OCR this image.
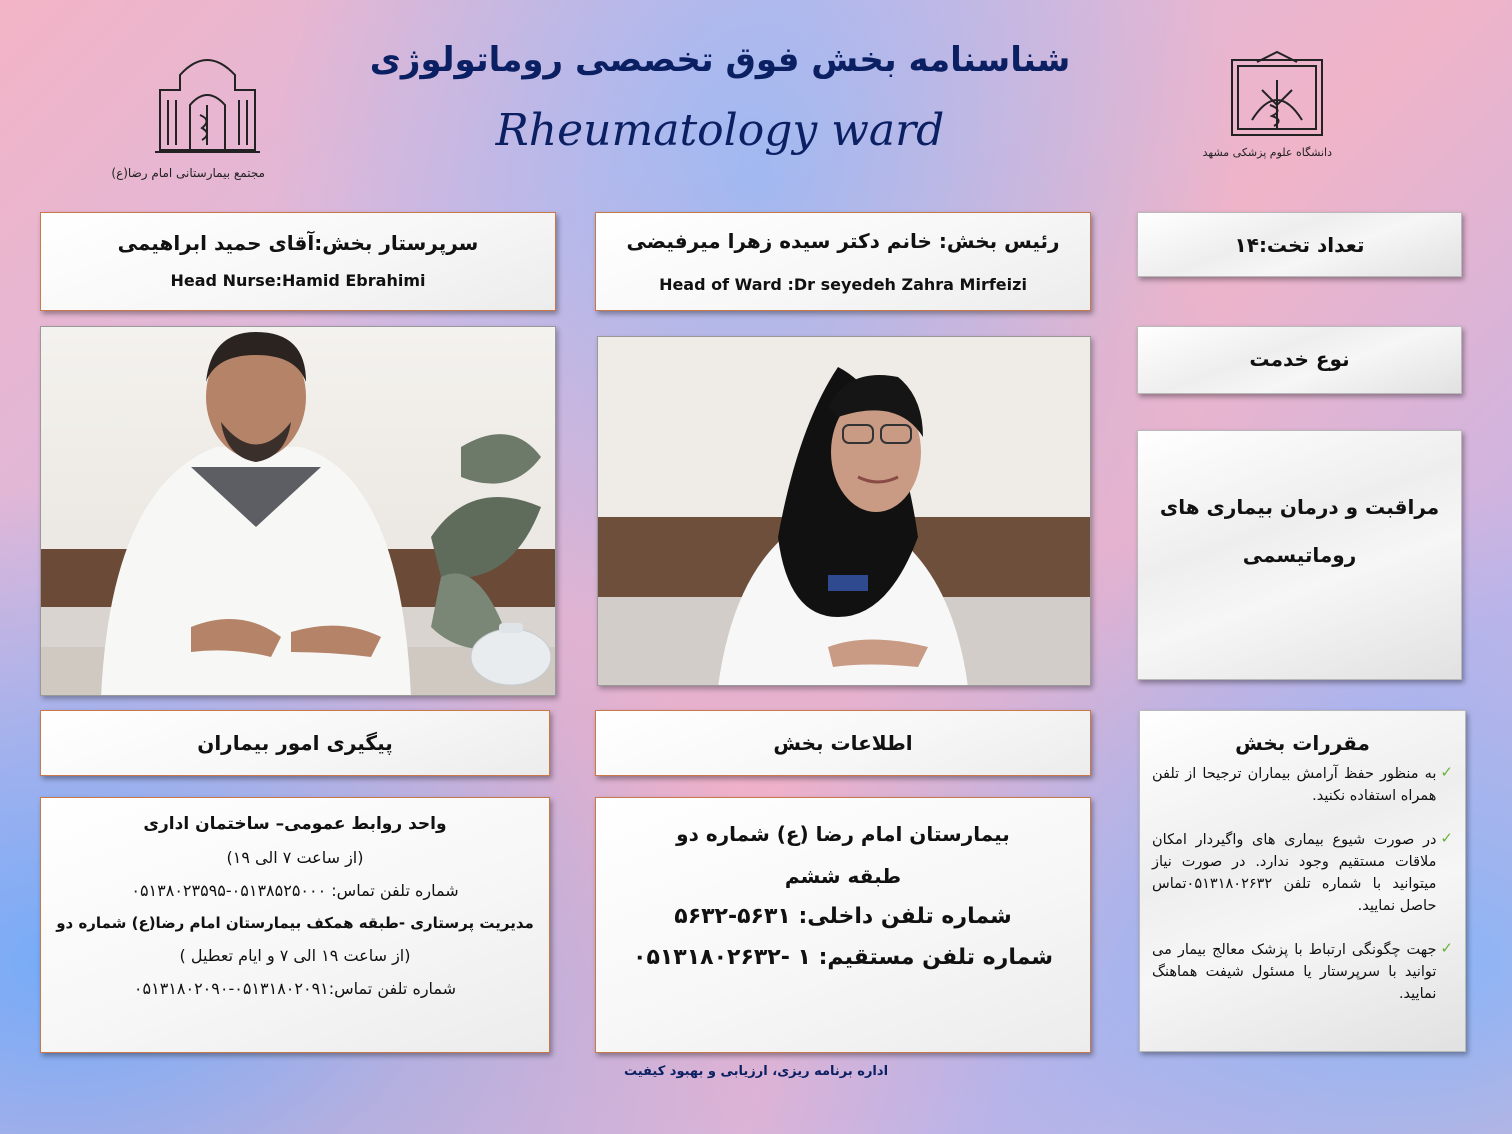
مجتمع بیمارستانی امام رضا(ع)
دانشگاه علوم پزشکی مشهد
شناسنامه بخش فوق تخصصی روماتولوژی
Rheumatology ward
سرپرستار بخش:آقای حمید ابراهیمی
Head Nurse:Hamid Ebrahimi
رئیس بخش: خانم دکتر سیده زهرا میرفیضی
Head of Ward :Dr seyedeh Zahra Mirfeizi
تعداد تخت:۱۴
نوع خدمت
مراقبت و درمان بیماری های
روماتیسمی
پیگیری امور بیماران	اطلاعات بخش	مقررات بخش
✓
به منظور حفظ آرامش بیماران ترجیحا از تلفن همراه استفاده نکنید.
✓
در صورت شیوع بیماری های واگیردار امکان ملاقات مستقیم وجود ندارد. در صورت نیاز میتوانید با شماره تلفن ۰۵۱۳۱۸۰۲۶۳۲تماس حاصل نمایید.
✓
جهت چگونگی ارتباط با پزشک معالج بیمار می توانید با سرپرستار یا مسئول شیفت هماهنگ نمایید.
واحد روابط عمومی– ساختمان اداری
(از ساعت ۷ الی ۱۹)
شماره تلفن تماس: ۰۵۱۳۸۵۲۵۰۰۰-۰۵۱۳۸۰۲۳۵۹۵
مدیریت پرستاری -طبقه همکف بیمارستان امام رضا(ع) شماره دو
(از ساعت ۱۹ الی ۷ و ایام تعطیل )
شماره تلفن تماس:۰۵۱۳۱۸۰۲۰۹۱-۰۵۱۳۱۸۰۲۰۹۰
بیمارستان امام رضا (ع) شماره دو
طبقه ششم
شماره تلفن داخلی: ۵۶۳۱-۵۶۳۲
شماره تلفن مستقیم: ۱ -۰۵۱۳۱۸۰۲۶۳۲
اداره برنامه ریزی، ارزیابی و بهبود کیفیت
